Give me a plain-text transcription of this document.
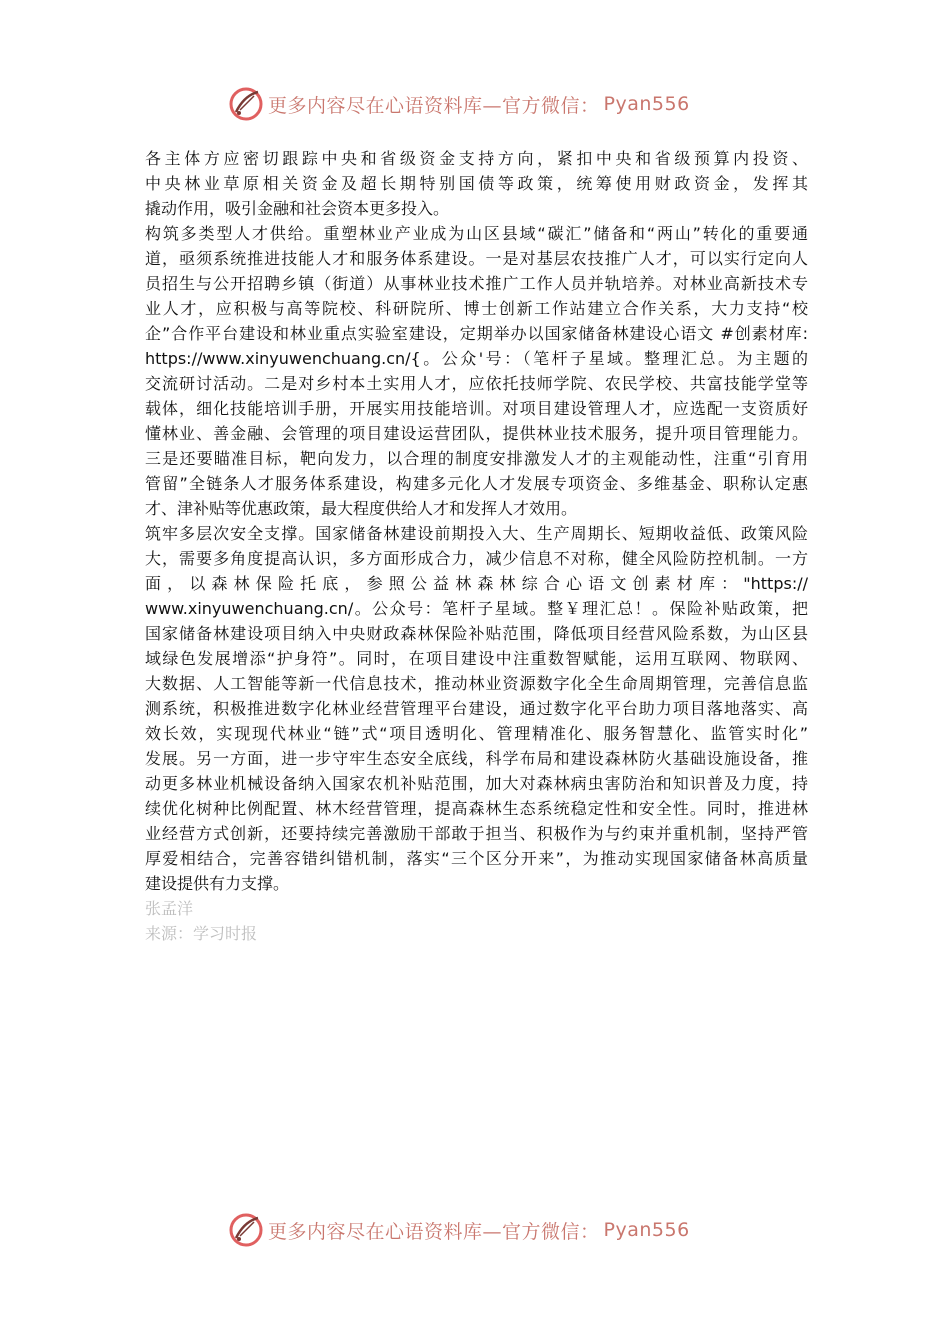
更多内容尽在心语资料库—官方微信： Pyan556
各主体方应密切跟踪中央和省级资金支持方向，紧扣中央和省级预算内投资、
中央林业草原相关资金及超长期特别国债等政策，统筹使用财政资金，发挥其
撬动作用，吸引金融和社会资本更多投入。
构筑多类型人才供给。重塑林业产业成为山区县域“碳汇”储备和“两山”转化的重要通
道，亟须系统推进技能人才和服务体系建设。一是对基层农技推广人才，可以实行定向人
员招生与公开招聘乡镇（街道）从事林业技术推广工作人员并轨培养。对林业高新技术专
业人才，应积极与高等院校、科研院所、博士创新工作站建立合作关系，大力支持“校
企”合作平台建设和林业重点实验室建设，定期举办以国家储备林建设心语文 #创素材库:
https://www.xinyuwenchuang.cn/{。公众'号：（笔杆子星域。整理汇总。为主题的
交流研讨活动。二是对乡村本土实用人才，应依托技师学院、农民学校、共富技能学堂等
载体，细化技能培训手册，开展实用技能培训。对项目建设管理人才，应选配一支资质好
懂林业、善金融、会管理的项目建设运营团队，提供林业技术服务，提升项目管理能力。
三是还要瞄准目标，靶向发力，以合理的制度安排激发人才的主观能动性，注重“引育用
管留”全链条人才服务体系建设，构建多元化人才发展专项资金、多维基金、职称认定惠
才、津补贴等优惠政策，最大程度供给人才和发挥人才效用。
筑牢多层次安全支撑。国家储备林建设前期投入大、生产周期长、短期收益低、政策风险
大，需要多角度提高认识，多方面形成合力，减少信息不对称，健全风险防控机制。一方
面，以森林保险托底，参照公益林森林综合心语文创素材库："https://
www.xinyuwenchuang.cn/。公众号：笔杆子星域。整￥理汇总！。保险补贴政策，把
国家储备林建设项目纳入中央财政森林保险补贴范围，降低项目经营风险系数，为山区县
域绿色发展增添“护身符”。同时，在项目建设中注重数智赋能，运用互联网、物联网、
大数据、人工智能等新一代信息技术，推动林业资源数字化全生命周期管理，完善信息监
测系统，积极推进数字化林业经营管理平台建设，通过数字化平台助力项目落地落实、高
效长效，实现现代林业“链”式“项目透明化、管理精准化、服务智慧化、监管实时化”
发展。另一方面，进一步守牢生态安全底线，科学布局和建设森林防火基础设施设备，推
动更多林业机械设备纳入国家农机补贴范围，加大对森林病虫害防治和知识普及力度，持
续优化树种比例配置、林木经营管理，提高森林生态系统稳定性和安全性。同时，推进林
业经营方式创新，还要持续完善激励干部敢于担当、积极作为与约束并重机制，坚持严管
厚爱相结合，完善容错纠错机制，落实“三个区分开来”，为推动实现国家储备林高质量
建设提供有力支撑。
张孟洋
来源：学习时报
更多内容尽在心语资料库—官方微信： Pyan556
